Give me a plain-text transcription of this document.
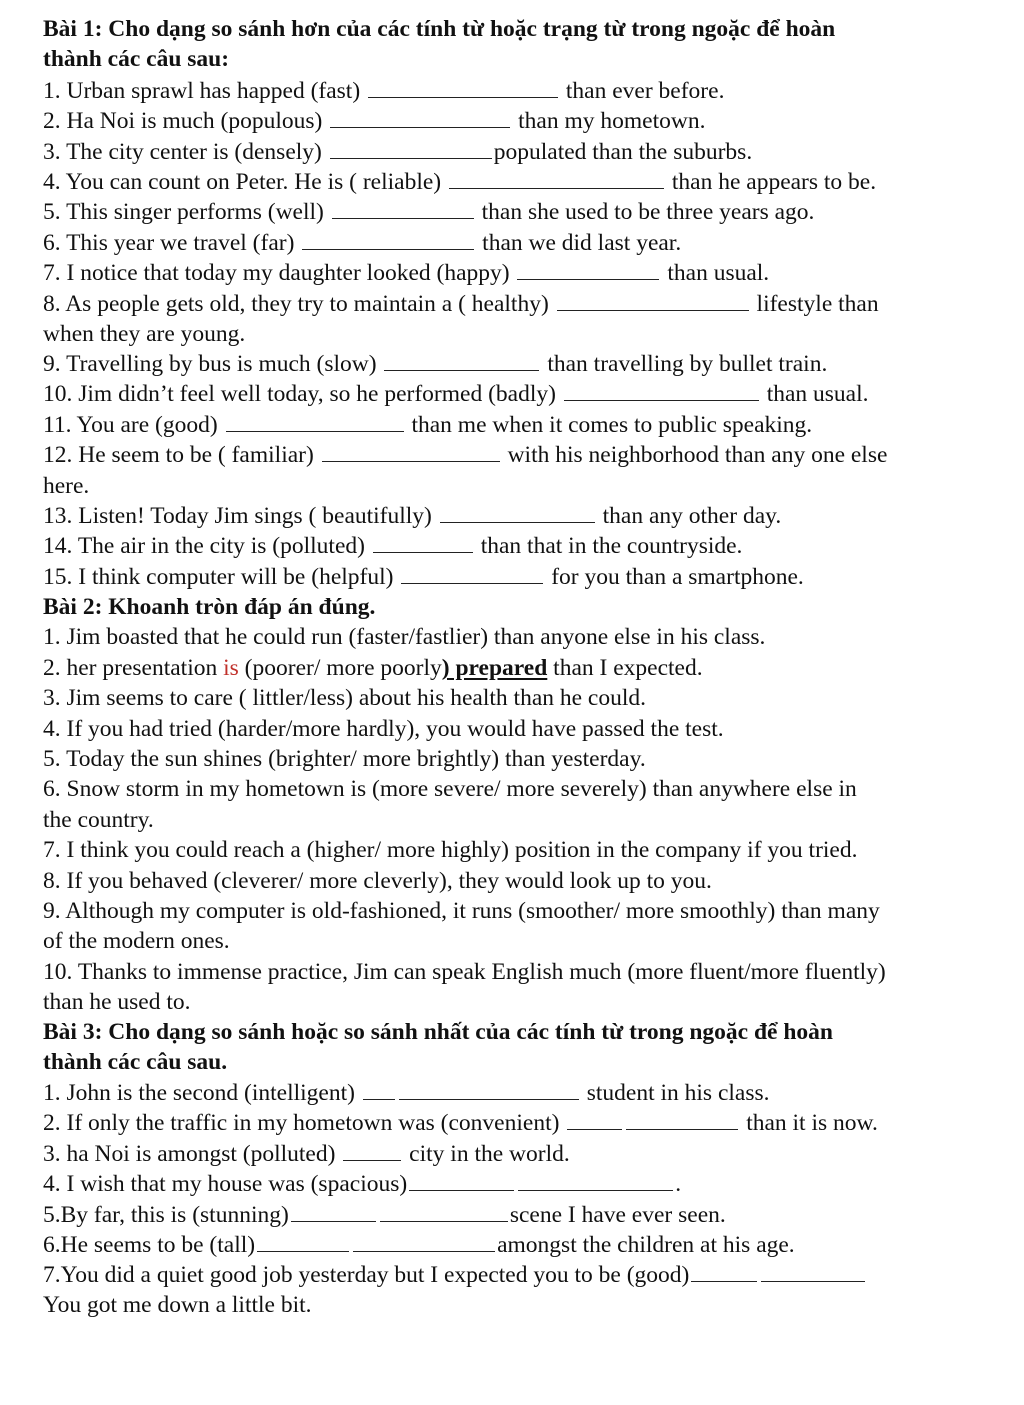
Bài 1: Cho dạng so sánh hơn của các tính từ hoặc trạng từ trong ngoặc để hoàn
thành các câu sau:
1. Urban sprawl has happed (fast)	than ever before.
2. Ha Noi is much (populous)	than my hometown.
3. The city center is (densely)	populated than the suburbs.
4. You can count on Peter. He is ( reliable)	than he appears to be.
5. This singer performs (well)	than she used to be three years ago.
6. This year we travel (far)	than we did last year.
7. I notice that today my daughter looked (happy)	than usual.
8. As people gets old, they try to maintain a ( healthy)	lifestyle than
when they are young.
9. Travelling by bus is much (slow)	than travelling by bullet train.
10. Jim didn’t feel well today, so he performed (badly)	than usual.
11. You are (good)	than me when it comes to public speaking.
12. He seem to be ( familiar)	with his neighborhood than any one else
here.
13. Listen! Today Jim sings ( beautifully)	than any other day.
14. The air in the city is (polluted)	than that in the countryside.
15. I think computer will be (helpful)	for you than a smartphone.
Bài 2: Khoanh tròn đáp án đúng.
1. Jim boasted that he could run (faster/fastlier) than anyone else in his class.
2. her presentation is (poorer/ more poorly) prepared than I expected.
3. Jim seems to care ( littler/less) about his health than he could.
4. If you had tried (harder/more hardly), you would have passed the test.
5. Today the sun shines (brighter/ more brightly) than yesterday.
6. Snow storm in my hometown is (more severe/ more severely) than anywhere else in
the country.
7. I think you could reach a (higher/ more highly) position in the company if you tried.
8. If you behaved (cleverer/ more cleverly), they would look up to you.
9. Although my computer is old-fashioned, it runs (smoother/ more smoothly) than many
of the modern ones.
10. Thanks to immense practice, Jim can speak English much (more fluent/more fluently)
than he used to.
Bài 3: Cho dạng so sánh hoặc so sánh nhất của các tính từ trong ngoặc để hoàn
thành các câu sau.
1. John is the second (intelligent)	student in his class.
2. If only the traffic in my hometown was (convenient)	than it is now.
3. ha Noi is amongst (polluted)	city in the world.
4. I wish that my house was (spacious)	.
5.By far, this is (stunning)	scene I have ever seen.
6.He seems to be (tall)	amongst the children at his age.
7.You did a quiet good job yesterday but I expected you to be (good)
You got me down a little bit.
